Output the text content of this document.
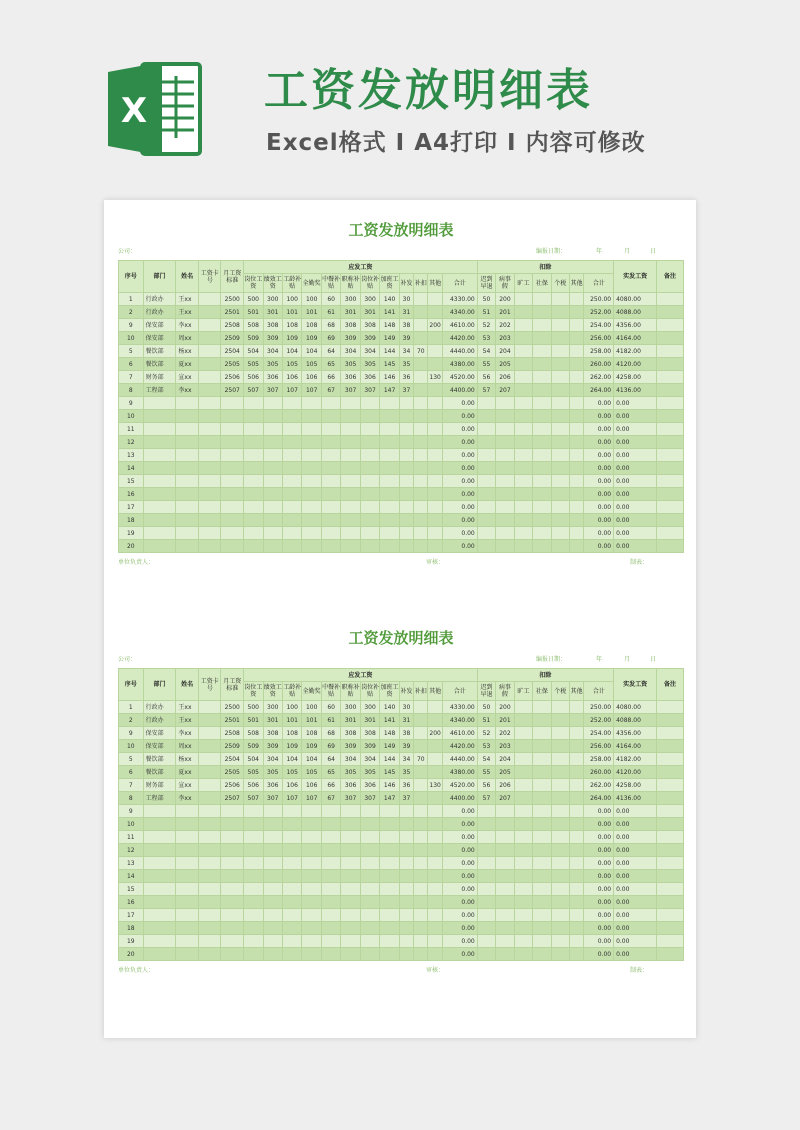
X	工资发放明细表
Excel格式 Ⅰ A4打印 Ⅰ 内容可修改
工资发放明细表
公司：	编报日期：	年	月	日
序号	部门	姓名	工资卡号	月工资标准	应发工资												扣除							实发工资	备注
					岗位工资	绩效工资	工龄补贴	全勤奖	中餐补贴	职称补贴	岗位补贴	加班工资	补发	补扣	其他	合计	迟到早退	病事假	旷工	社保	个税	其他	合计		
1	行政办	王xx		2500	500	300	100	100	60	300	300	140	30			4330.00	50	200					250.00	4080.00	
2	行政办	王xx		2501	501	301	101	101	61	301	301	141	31			4340.00	51	201					252.00	4088.00	
9	保安部	李xx		2508	508	308	108	108	68	308	308	148	38		200	4610.00	52	202					254.00	4356.00	
10	保安部	周xx		2509	509	309	109	109	69	309	309	149	39			4420.00	53	203					256.00	4164.00	
5	餐饮部	杨xx		2504	504	304	104	104	64	304	304	144	34	70		4440.00	54	204					258.00	4182.00	
6	餐饮部	夏xx		2505	505	305	105	105	65	305	305	145	35			4380.00	55	205					260.00	4120.00	
7	财务部	宣xx		2506	506	306	106	106	66	306	306	146	36		130	4520.00	56	206					262.00	4258.00	
8	工程部	李xx		2507	507	307	107	107	67	307	307	147	37			4400.00	57	207					264.00	4136.00	
9																0.00							0.00	0.00	
10																0.00							0.00	0.00	
11																0.00							0.00	0.00	
12																0.00							0.00	0.00	
13																0.00							0.00	0.00	
14																0.00							0.00	0.00	
15																0.00							0.00	0.00	
16																0.00							0.00	0.00	
17																0.00							0.00	0.00	
18																0.00							0.00	0.00	
19																0.00							0.00	0.00	
20																0.00							0.00	0.00	
单位负责人：	审核：	制表：
工资发放明细表
公司：	编报日期：	年	月	日
序号	部门	姓名	工资卡号	月工资标准	应发工资												扣除							实发工资	备注
					岗位工资	绩效工资	工龄补贴	全勤奖	中餐补贴	职称补贴	岗位补贴	加班工资	补发	补扣	其他	合计	迟到早退	病事假	旷工	社保	个税	其他	合计		
1	行政办	王xx		2500	500	300	100	100	60	300	300	140	30			4330.00	50	200					250.00	4080.00	
2	行政办	王xx		2501	501	301	101	101	61	301	301	141	31			4340.00	51	201					252.00	4088.00	
9	保安部	李xx		2508	508	308	108	108	68	308	308	148	38		200	4610.00	52	202					254.00	4356.00	
10	保安部	周xx		2509	509	309	109	109	69	309	309	149	39			4420.00	53	203					256.00	4164.00	
5	餐饮部	杨xx		2504	504	304	104	104	64	304	304	144	34	70		4440.00	54	204					258.00	4182.00	
6	餐饮部	夏xx		2505	505	305	105	105	65	305	305	145	35			4380.00	55	205					260.00	4120.00	
7	财务部	宣xx		2506	506	306	106	106	66	306	306	146	36		130	4520.00	56	206					262.00	4258.00	
8	工程部	李xx		2507	507	307	107	107	67	307	307	147	37			4400.00	57	207					264.00	4136.00	
9																0.00							0.00	0.00	
10																0.00							0.00	0.00	
11																0.00							0.00	0.00	
12																0.00							0.00	0.00	
13																0.00							0.00	0.00	
14																0.00							0.00	0.00	
15																0.00							0.00	0.00	
16																0.00							0.00	0.00	
17																0.00							0.00	0.00	
18																0.00							0.00	0.00	
19																0.00							0.00	0.00	
20																0.00							0.00	0.00	
单位负责人：	审核：	制表：
